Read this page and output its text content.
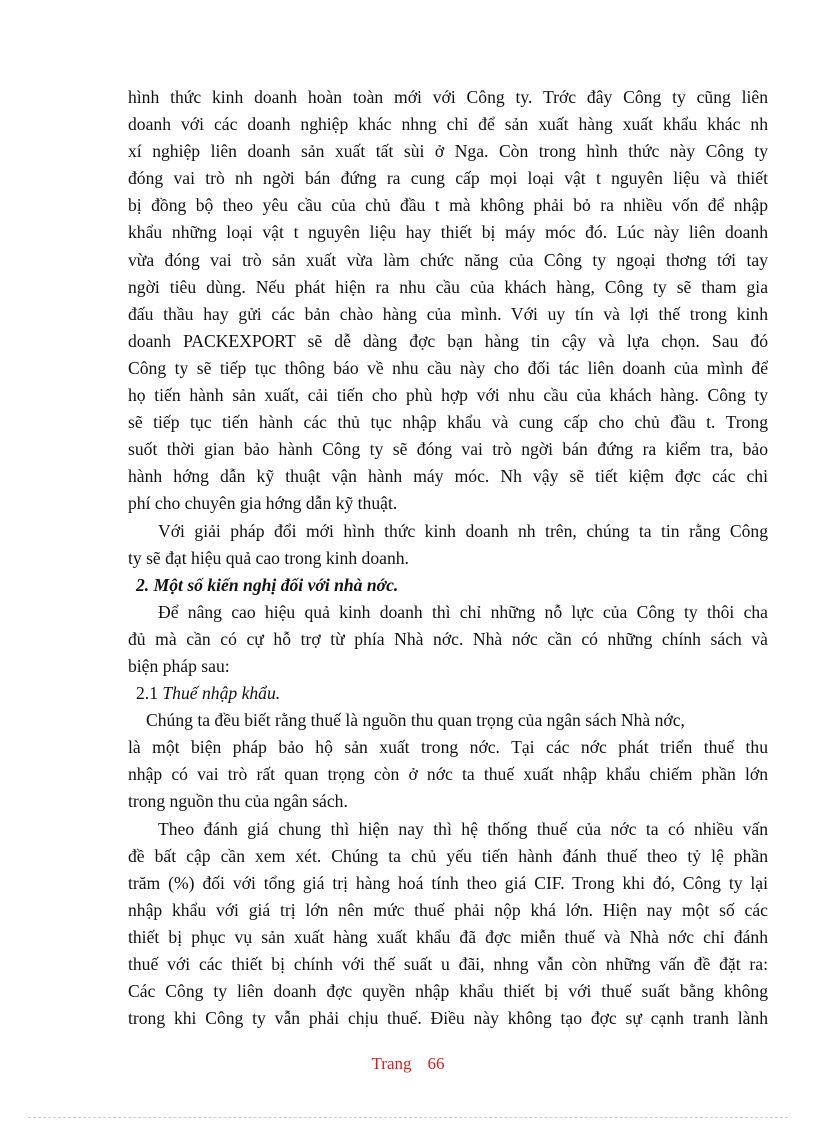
hình thức kinh doanh hoàn toàn mới với Công ty. Trớc đây Công ty cũng liên
doanh với các doanh nghiệp khác nhng chỉ để sản xuất hàng xuất khẩu khác nh
xí nghiệp liên doanh sản xuất tất sùi ở Nga. Còn trong hình thức này Công ty
đóng vai trò nh ngời bán đứng ra cung cấp mọi loại vật t nguyên liệu và thiết
bị đồng bộ theo yêu cầu của chủ đầu t mà không phải bỏ ra nhiều vốn để nhập
khẩu những loại vật t nguyên liệu hay thiết bị máy móc đó. Lúc này liên doanh
vừa đóng vai trò sản xuất vừa làm chức năng của Công ty ngoại thơng tới tay
ngời tiêu dùng. Nếu phát hiện ra nhu cầu của khách hàng, Công ty sẽ tham gia
đấu thầu hay gửi các bản chào hàng của mình. Với uy tín và lợi thế trong kinh
doanh PACKEXPORT sẽ dễ dàng đợc bạn hàng tin cậy và lựa chọn. Sau đó
Công ty sẽ tiếp tục thông báo về nhu cầu này cho đối tác liên doanh của mình để
họ tiến hành sản xuất, cải tiến cho phù hợp với nhu cầu của khách hàng. Công ty
sẽ tiếp tục tiến hành các thủ tục nhập khẩu và cung cấp cho chủ đầu t. Trong
suốt thời gian bảo hành Công ty sẽ đóng vai trò ngời bán đứng ra kiểm tra, bảo
hành hớng dẫn kỹ thuật vận hành máy móc. Nh vậy sẽ tiết kiệm đợc các chi
phí cho chuyên gia hớng dẫn kỹ thuật.
Với giải pháp đổi mới hình thức kinh doanh nh trên, chúng ta tin rằng Công
ty sẽ đạt hiệu quả cao trong kinh doanh.
2. Một số kiến nghị đối với nhà nớc.
Để nâng cao hiệu quả kinh doanh thì chỉ những nỗ lực của Công ty thôi cha
đủ mà cần có cự hỗ trợ từ phía Nhà nớc. Nhà nớc cần có những chính sách và
biện pháp sau:
2.1 Thuế nhập khẩu.
Chúng ta đều biết rằng thuế là nguồn thu quan trọng của ngân sách Nhà nớc,
là một biện pháp bảo hộ sản xuất trong nớc. Tại các nớc phát triển thuế thu
nhập có vai trò rất quan trọng còn ở nớc ta thuế xuất nhập khẩu chiếm phần lớn
trong nguồn thu của ngân sách.
Theo đánh giá chung thì hiện nay thì hệ thống thuế của nớc ta có nhiều vấn
đề bất cập cần xem xét. Chúng ta chủ yếu tiến hành đánh thuế theo tỷ lệ phần
trăm (%) đối với tổng giá trị hàng hoá tính theo giá CIF. Trong khi đó, Công ty lại
nhập khẩu với giá trị lớn nên mức thuế phải nộp khá lớn. Hiện nay một số các
thiết bị phục vụ sản xuất hàng xuất khẩu đã đợc miễn thuế và Nhà nớc chỉ đánh
thuế với các thiết bị chính với thế suất u đãi, nhng vẫn còn những vấn đề đặt ra:
Các Công ty liên doanh đợc quyền nhập khẩu thiết bị với thuế suất bằng không
trong khi Công ty vẫn phải chịu thuế. Điều này không tạo đợc sự cạnh tranh lành
Trang 66
